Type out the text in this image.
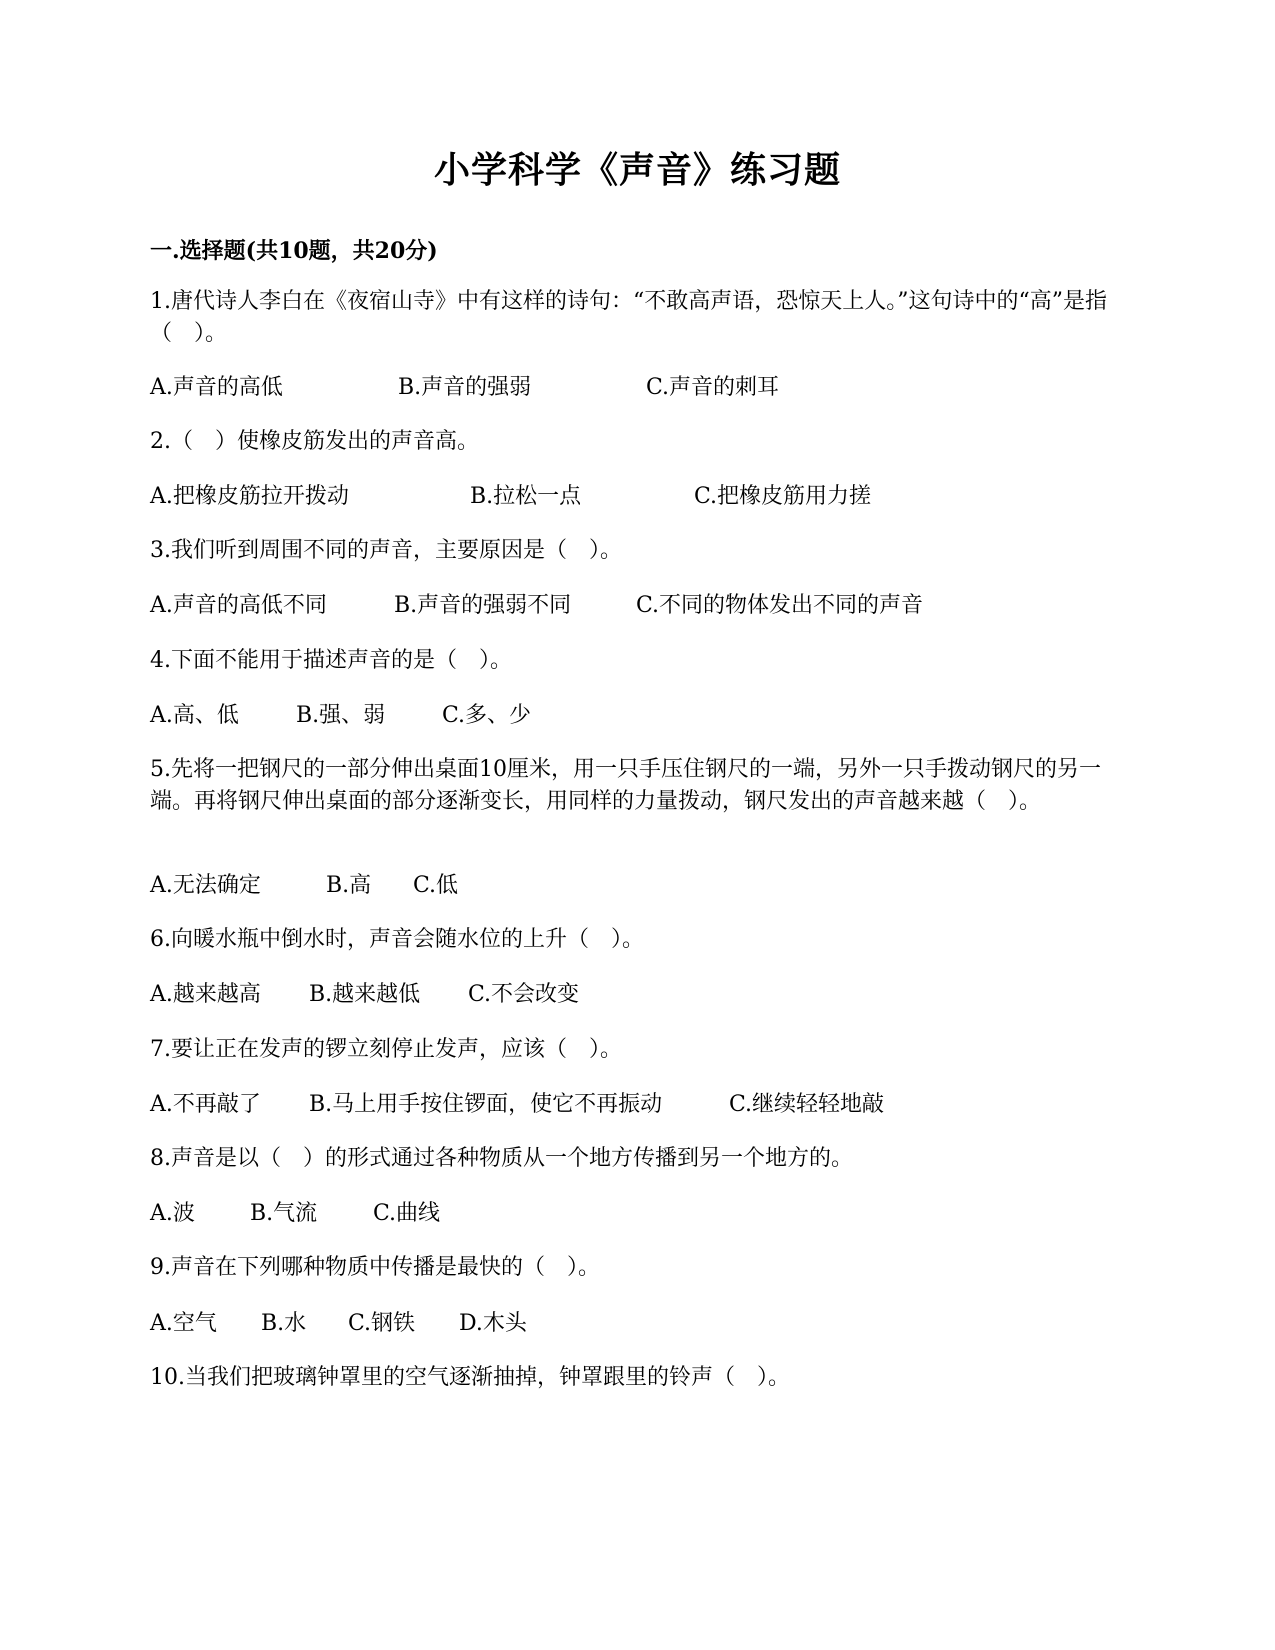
小学科学《声音》练习题
一.选择题(共10题，共20分)
1.唐代诗人李白在《夜宿山寺》中有这样的诗句：“不敢高声语，恐惊天上人。”这句诗中的“高”是指（　）。
A.声音的高低	B.声音的强弱	C.声音的刺耳
2.（　）使橡皮筋发出的声音高。
A.把橡皮筋拉开拨动	B.拉松一点	C.把橡皮筋用力搓
3.我们听到周围不同的声音，主要原因是（　）。
A.声音的高低不同	B.声音的强弱不同	C.不同的物体发出不同的声音
4.下面不能用于描述声音的是（　）。
A.高、低	B.强、弱	C.多、少
5.先将一把钢尺的一部分伸出桌面10厘米，用一只手压住钢尺的一端，另外一只手拨动钢尺的另一端。再将钢尺伸出桌面的部分逐渐变长，用同样的力量拨动，钢尺发出的声音越来越（　）。
A.无法确定	B.高 C.低
6.向暖水瓶中倒水时，声音会随水位的上升（　）。
A.越来越高 B.越来越低 C.不会改变
7.要让正在发声的锣立刻停止发声，应该（　）。
A.不再敲了 B.马上用手按住锣面，使它不再振动	C.继续轻轻地敲
8.声音是以（　）的形式通过各种物质从一个地方传播到另一个地方的。
A.波	B.气流	C.曲线
9.声音在下列哪种物质中传播是最快的（　）。
A.空气 B.水 C.钢铁 D.木头
10.当我们把玻璃钟罩里的空气逐渐抽掉，钟罩跟里的铃声（　）。
